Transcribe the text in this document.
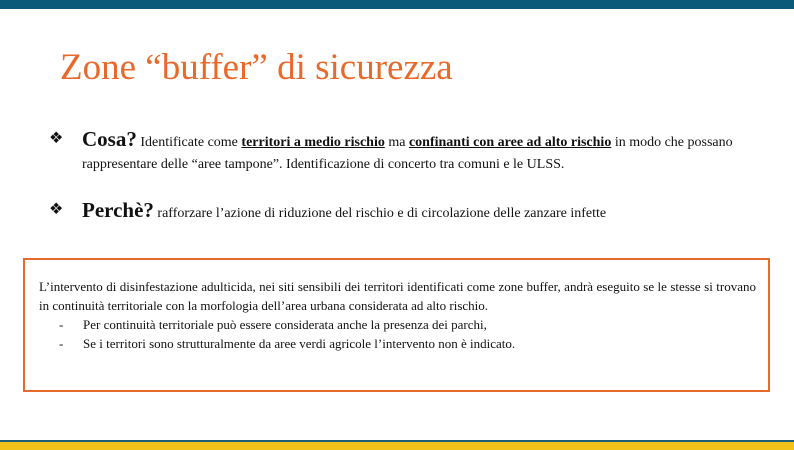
Zone “buffer” di sicurezza
❖ Cosa? Identificate come territori a medio rischio ma confinanti con aree ad alto rischio in modo che possano rappresentare delle “aree tampone”. Identificazione di concerto tra comuni e le ULSS.
❖ Perchè? rafforzare l’azione di riduzione del rischio e di circolazione delle zanzare infette
L’intervento di disinfestazione adulticida, nei siti sensibili dei territori identificati come zone buffer, andrà eseguito se le stesse si trovano in continuità territoriale con la morfologia dell’area urbana considerata ad alto rischio.
- Per continuità territoriale può essere considerata anche la presenza dei parchi,
- Se i territori sono strutturalmente da aree verdi agricole l’intervento non è indicato.
